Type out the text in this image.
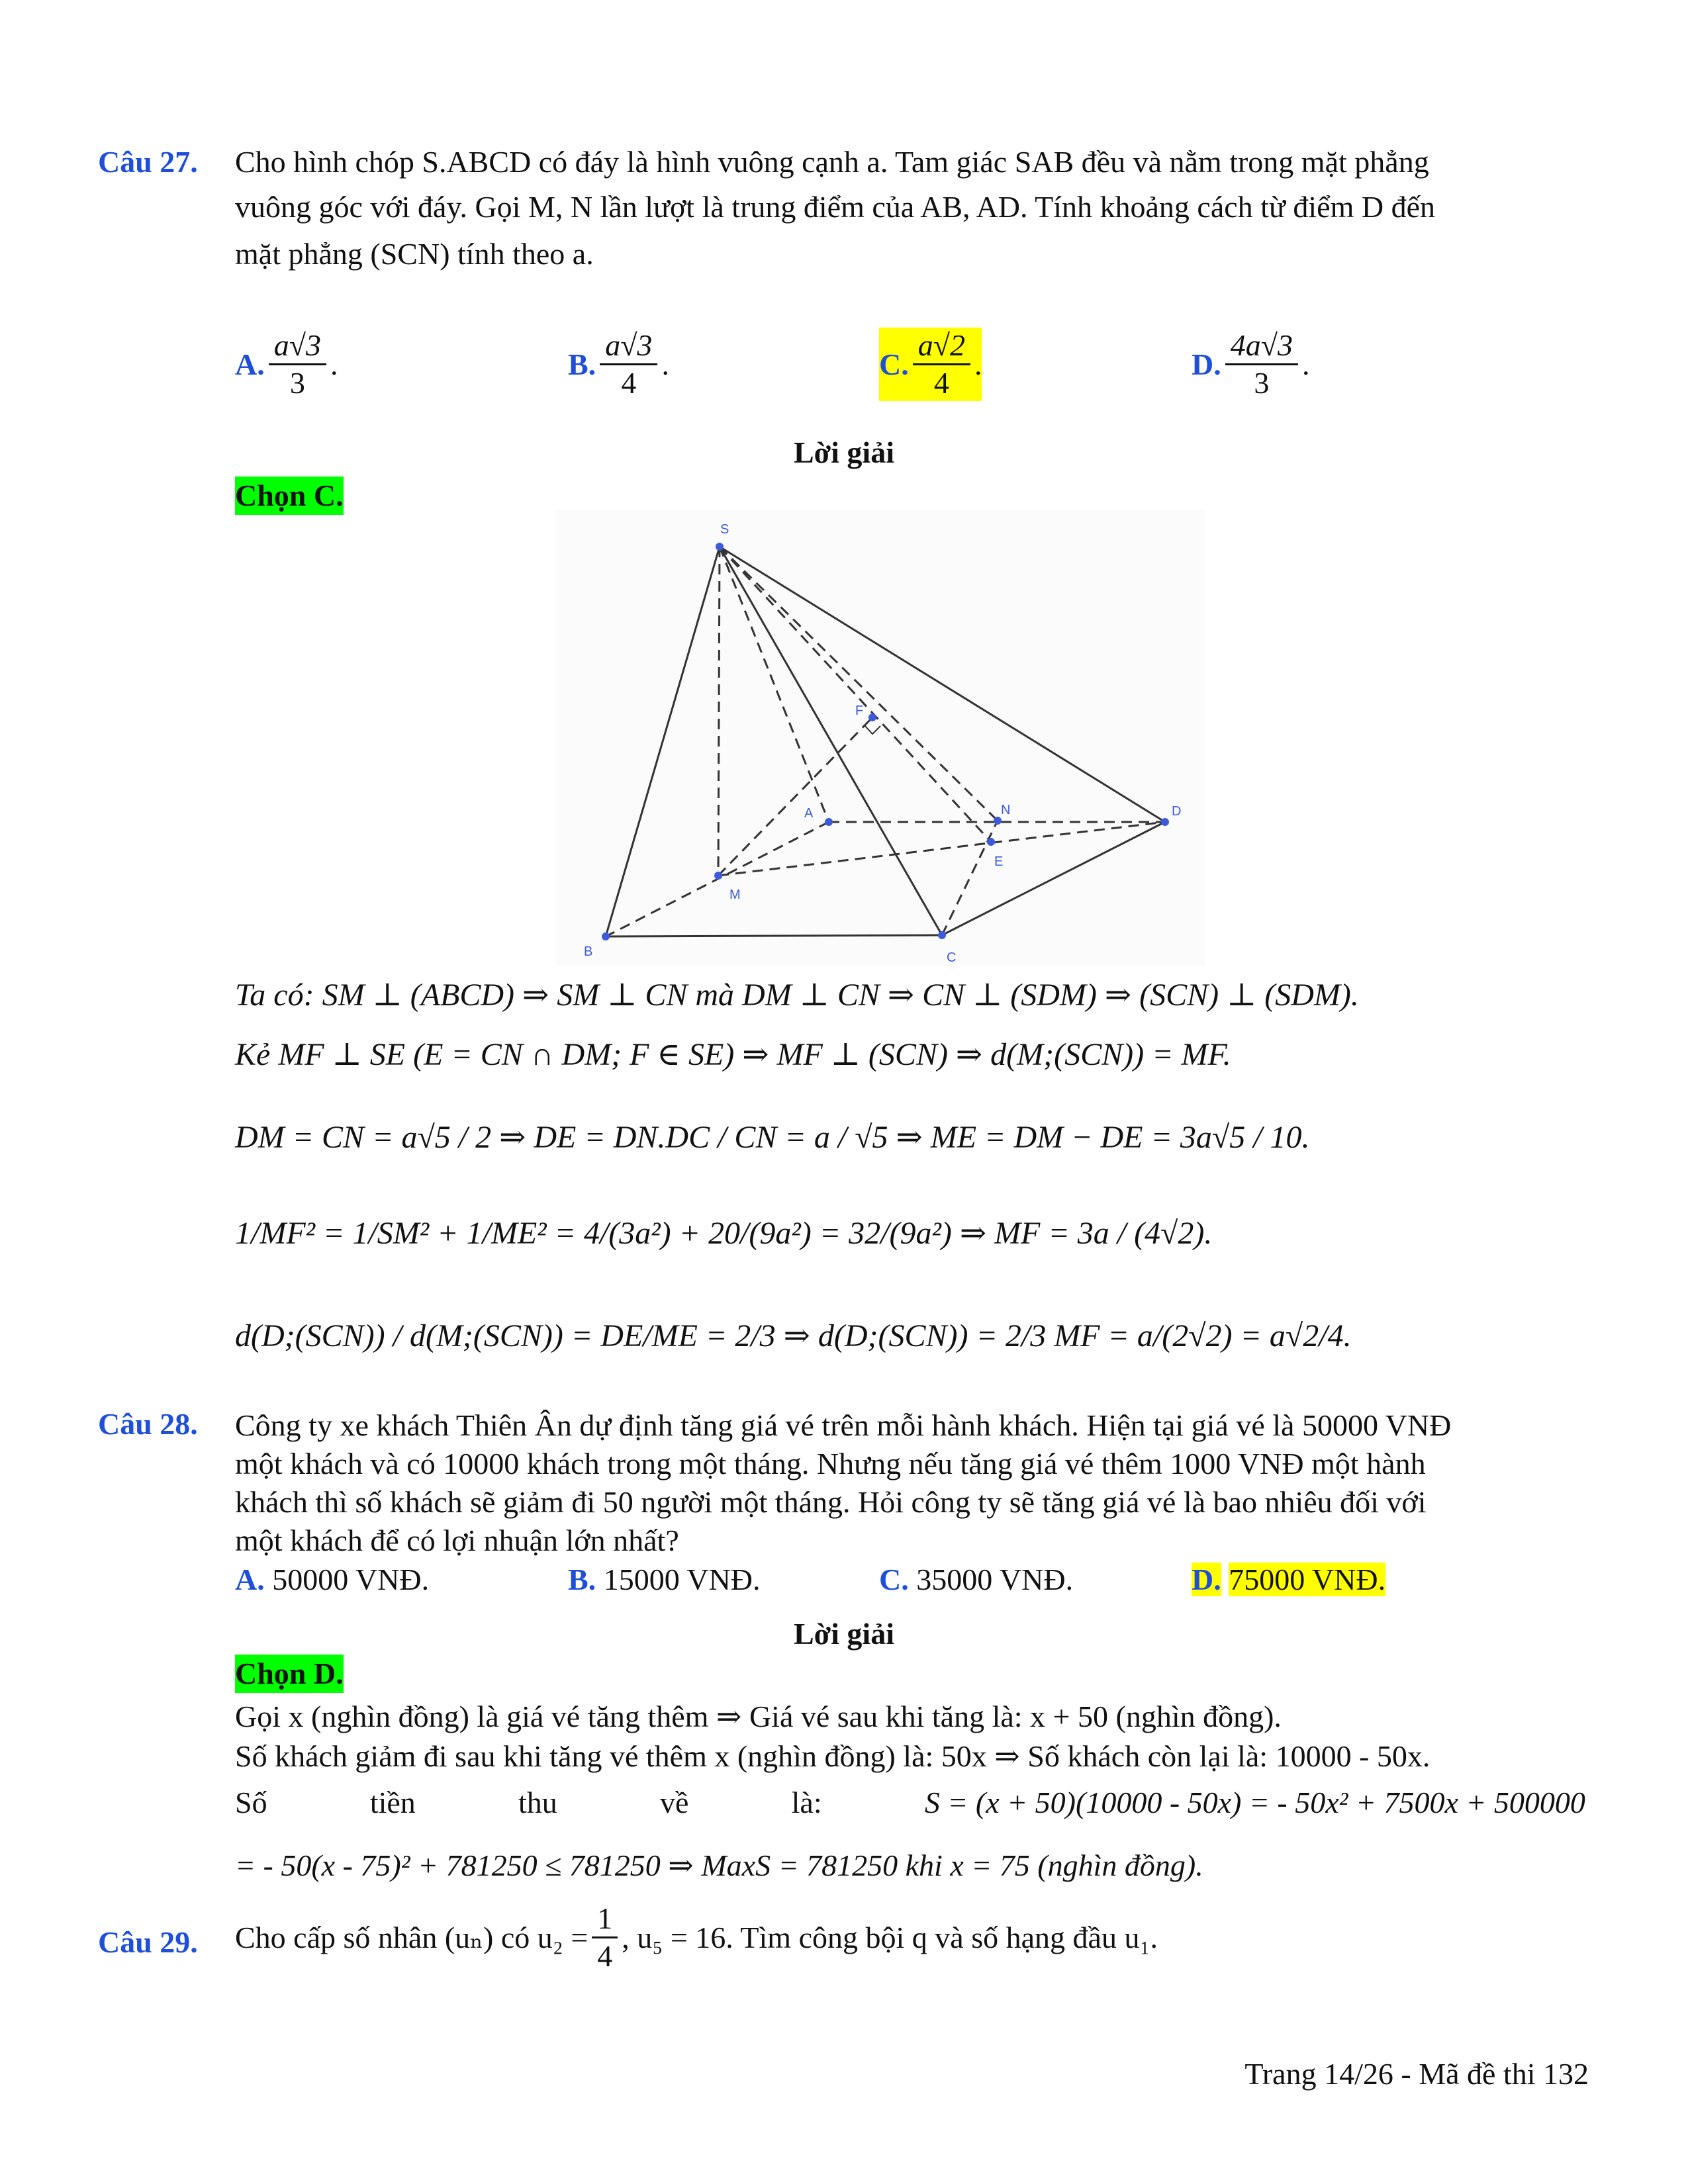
Câu 27. Cho hình chóp S.ABCD có đáy là hình vuông cạnh a. Tam giác SAB đều và nằm trong mặt phẳng
vuông góc với đáy. Gọi M, N lần lượt là trung điểm của AB, AD. Tính khoảng cách từ điểm D đến
mặt phẳng (SCN) tính theo a.
A. $\frac{a√3}{3}$ .	B. $\frac{a√3}{4}$ .	C. $\frac{a√2}{4}$ .	D. $\frac{4a√3}{3}$ .
Lời giải
Chọn C.
S
A
B	C
D
M
N
E
F
Ta có: SM ⊥ (ABCD) ⇒ SM ⊥ CN mà DM ⊥ CN ⇒ CN ⊥ (SDM) ⇒ (SCN) ⊥ (SDM).
Kẻ MF ⊥ SE (E = CN ∩ DM; F ∈ SE) ⇒ MF ⊥ (SCN) ⇒ d(M;(SCN)) = MF.
DM = CN = a√5 / 2 ⇒ DE = DN.DC / CN = a / √5 ⇒ ME = DM − DE = 3a√5 / 10.
1/MF² = 1/SM² + 1/ME² = 4/(3a²) + 20/(9a²) = 32/(9a²) ⇒ MF = 3a / (4√2).
d(D;(SCN)) / d(M;(SCN)) = DE/ME = 2/3 ⇒ d(D;(SCN)) = 2/3 MF = a/(2√2) = a√2/4.
Câu 28. Công ty xe khách Thiên Ân dự định tăng giá vé trên mỗi hành khách. Hiện tại giá vé là 50000 VNĐ
một khách và có 10000 khách trong một tháng. Nhưng nếu tăng giá vé thêm 1000 VNĐ một hành
khách thì số khách sẽ giảm đi 50 người một tháng. Hỏi công ty sẽ tăng giá vé là bao nhiêu đối với
một khách để có lợi nhuận lớn nhất?
A. 50000 VNĐ.	B. 15000 VNĐ.	C. 35000 VNĐ.	D. 75000 VNĐ.
Lời giải
Chọn D.
Gọi x (nghìn đồng) là giá vé tăng thêm ⇒ Giá vé sau khi tăng là: x + 50 (nghìn đồng).
Số khách giảm đi sau khi tăng vé thêm x (nghìn đồng) là: 50x ⇒ Số khách còn lại là: 10000 - 50x.
Số	tiền	thu	về	là:	S = (x + 50)(10000 - 50x) = - 50x² + 7500x + 500000
= - 50(x - 75)² + 781250 ≤ 781250 ⇒ MaxS = 781250 khi x = 75 (nghìn đồng).
Câu 29. Cho cấp số nhân (uₙ) có $u_2 = \frac{1}{4}$ , u₅ = 16. Tìm công bội q và số hạng đầu u₁.
Trang 14/26 - Mã đề thi 132
